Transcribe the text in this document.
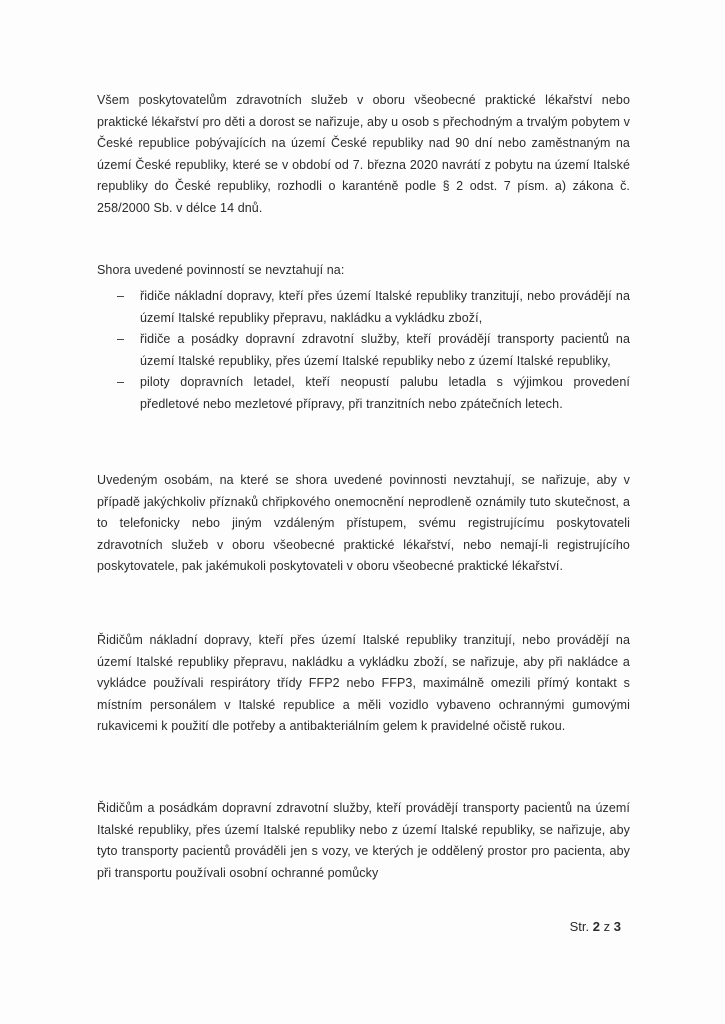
Všem poskytovatelům zdravotních služeb v oboru všeobecné praktické lékařství nebo praktické lékařství pro děti a dorost se nařizuje, aby u osob s přechodným a trvalým pobytem v České republice pobývajících na území České republiky nad 90 dní nebo zaměstnaným na území České republiky, které se v období od 7. března 2020 navrátí z pobytu na území Italské republiky do České republiky, rozhodli o karanténě podle § 2 odst. 7 písm. a) zákona č. 258/2000 Sb. v délce 14 dnů.

Shora uvedené povinností se nevztahují na:

– řidiče nákladní dopravy, kteří přes území Italské republiky tranzitují, nebo provádějí na území Italské republiky přepravu, nakládku a vykládku zboží,
– řidiče a posádky dopravní zdravotní služby, kteří provádějí transporty pacientů na území Italské republiky, přes území Italské republiky nebo z území Italské republiky,
– piloty dopravních letadel, kteří neopustí palubu letadla s výjimkou provedení předletové nebo mezletové přípravy, při tranzitních nebo zpátečních letech.

Uvedeným osobám, na které se shora uvedené povinnosti nevztahují, se nařizuje, aby v případě jakýchkoliv příznaků chřipkového onemocnění neprodleně oznámily tuto skutečnost, a to telefonicky nebo jiným vzdáleným přístupem, svému registrujícímu poskytovateli zdravotních služeb v oboru všeobecné praktické lékařství, nebo nemají-li registrujícího poskytovatele, pak jakémukoli poskytovateli v oboru všeobecné praktické lékařství.

Řidičům nákladní dopravy, kteří přes území Italské republiky tranzitují, nebo provádějí na území Italské republiky přepravu, nakládku a vykládku zboží, se nařizuje, aby při nakládce a vykládce používali respirátory třídy FFP2 nebo FFP3, maximálně omezili přímý kontakt s místním personálem v Italské republice a měli vozidlo vybaveno ochrannými gumovými rukavicemi k použití dle potřeby a antibakteriálním gelem k pravidelné očistě rukou.

Řidičům a posádkám dopravní zdravotní služby, kteří provádějí transporty pacientů na území Italské republiky, přes území Italské republiky nebo z území Italské republiky, se nařizuje, aby tyto transporty pacientů prováděli jen s vozy, ve kterých je oddělený prostor pro pacienta, aby při transportu používali osobní ochranné pomůcky

Str. 2 z 3
